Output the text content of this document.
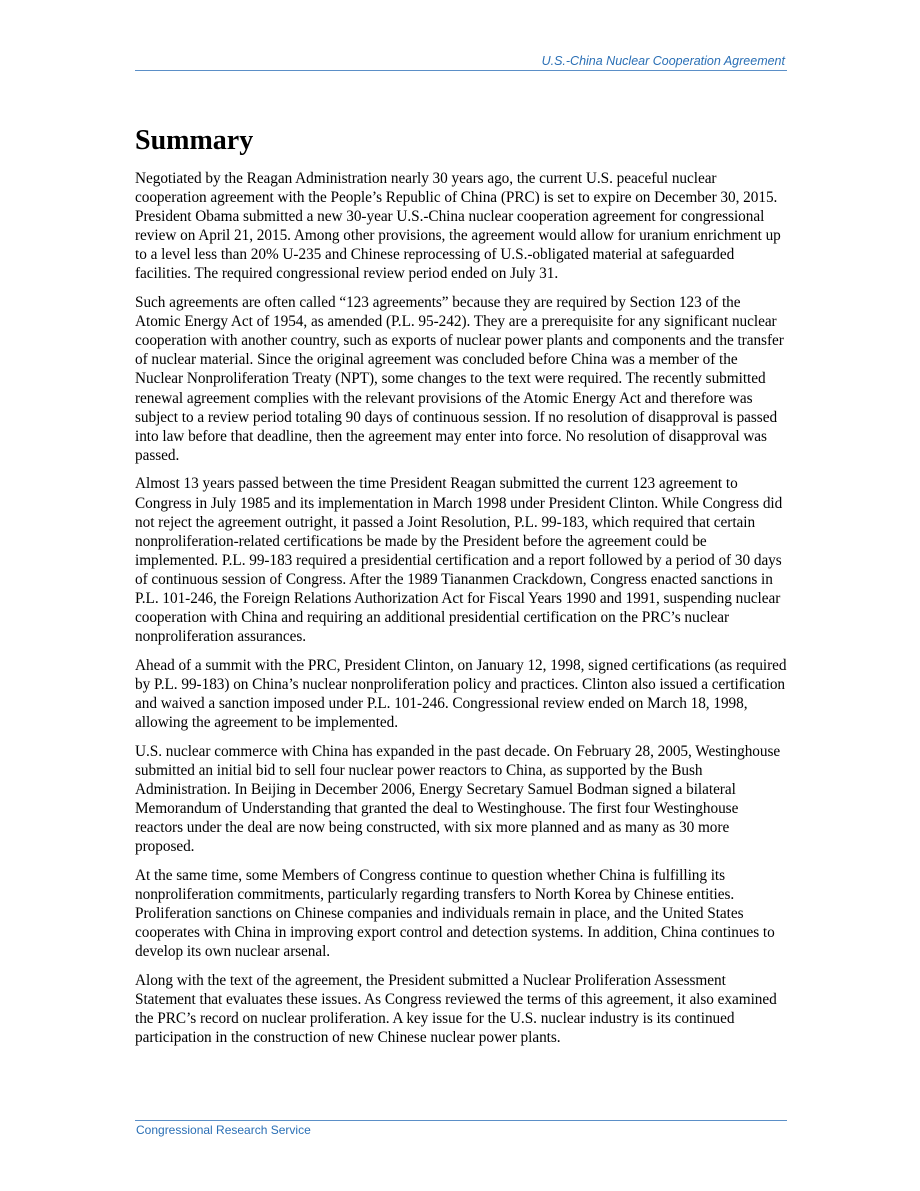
U.S.-China Nuclear Cooperation Agreement
Summary

Negotiated by the Reagan Administration nearly 30 years ago, the current U.S. peaceful nuclear cooperation agreement with the People’s Republic of China (PRC) is set to expire on December 30, 2015. President Obama submitted a new 30-year U.S.-China nuclear cooperation agreement for congressional review on April 21, 2015. Among other provisions, the agreement would allow for uranium enrichment up to a level less than 20% U-235 and Chinese reprocessing of U.S.-obligated material at safeguarded facilities. The required congressional review period ended on July 31.

Such agreements are often called “123 agreements” because they are required by Section 123 of the Atomic Energy Act of 1954, as amended (P.L. 95-242). They are a prerequisite for any significant nuclear cooperation with another country, such as exports of nuclear power plants and components and the transfer of nuclear material. Since the original agreement was concluded before China was a member of the Nuclear Nonproliferation Treaty (NPT), some changes to the text were required. The recently submitted renewal agreement complies with the relevant provisions of the Atomic Energy Act and therefore was subject to a review period totaling 90 days of continuous session. If no resolution of disapproval is passed into law before that deadline, then the agreement may enter into force. No resolution of disapproval was passed.

Almost 13 years passed between the time President Reagan submitted the current 123 agreement to Congress in July 1985 and its implementation in March 1998 under President Clinton. While Congress did not reject the agreement outright, it passed a Joint Resolution, P.L. 99-183, which required that certain nonproliferation-related certifications be made by the President before the agreement could be implemented. P.L. 99-183 required a presidential certification and a report followed by a period of 30 days of continuous session of Congress. After the 1989 Tiananmen Crackdown, Congress enacted sanctions in P.L. 101-246, the Foreign Relations Authorization Act for Fiscal Years 1990 and 1991, suspending nuclear cooperation with China and requiring an additional presidential certification on the PRC’s nuclear nonproliferation assurances.

Ahead of a summit with the PRC, President Clinton, on January 12, 1998, signed certifications (as required by P.L. 99-183) on China’s nuclear nonproliferation policy and practices. Clinton also issued a certification and waived a sanction imposed under P.L. 101-246. Congressional review ended on March 18, 1998, allowing the agreement to be implemented.

U.S. nuclear commerce with China has expanded in the past decade. On February 28, 2005, Westinghouse submitted an initial bid to sell four nuclear power reactors to China, as supported by the Bush Administration. In Beijing in December 2006, Energy Secretary Samuel Bodman signed a bilateral Memorandum of Understanding that granted the deal to Westinghouse. The first four Westinghouse reactors under the deal are now being constructed, with six more planned and as many as 30 more proposed.

At the same time, some Members of Congress continue to question whether China is fulfilling its nonproliferation commitments, particularly regarding transfers to North Korea by Chinese entities. Proliferation sanctions on Chinese companies and individuals remain in place, and the United States cooperates with China in improving export control and detection systems. In addition, China continues to develop its own nuclear arsenal.

Along with the text of the agreement, the President submitted a Nuclear Proliferation Assessment Statement that evaluates these issues. As Congress reviewed the terms of this agreement, it also examined the PRC’s record on nuclear proliferation. A key issue for the U.S. nuclear industry is its continued participation in the construction of new Chinese nuclear power plants.

Congressional Research Service
